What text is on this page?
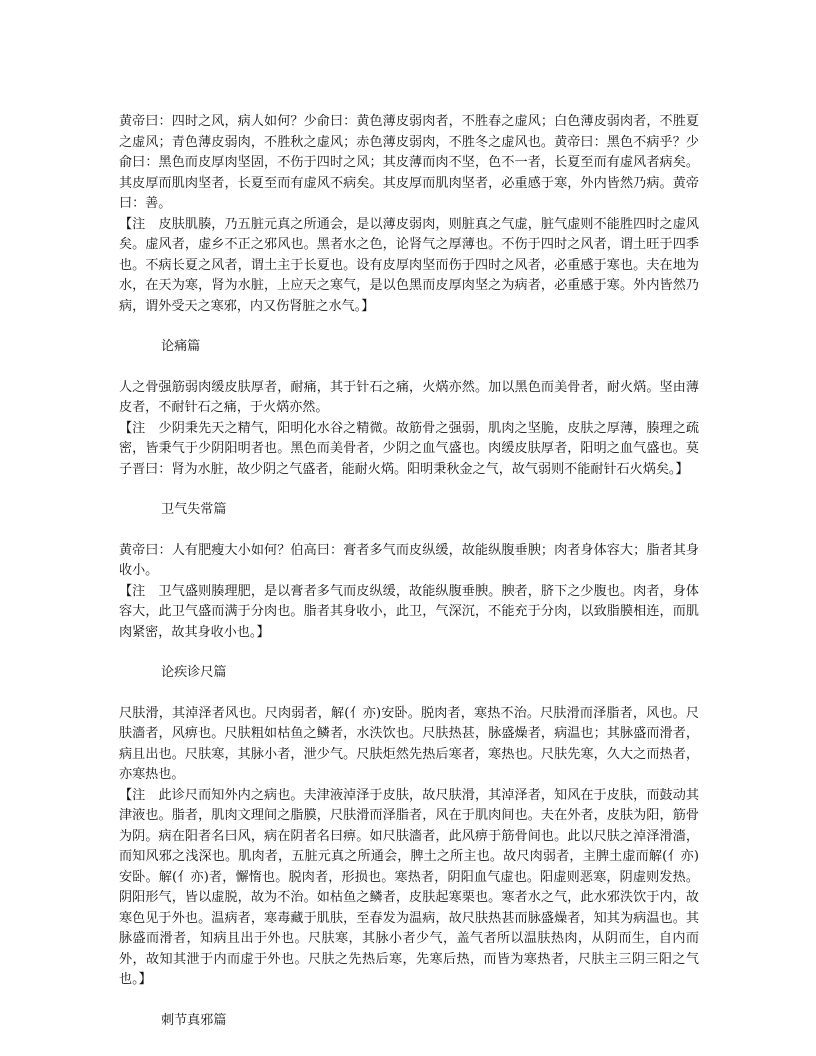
黄帝曰：四时之风，病人如何？少俞曰：黄色薄皮弱肉者，不胜春之虚风；白色薄皮弱肉者，不胜夏之虚风；青色薄皮弱肉，不胜秋之虚风；赤色薄皮弱肉，不胜冬之虚风也。黄帝曰：黑色不病乎？少俞曰：黑色而皮厚肉坚固，不伤于四时之风；其皮薄而肉不坚，色不一者，长夏至而有虚风者病矣。其皮厚而肌肉坚者，长夏至而有虚风不病矣。其皮厚而肌肉坚者，必重感于寒，外内皆然乃病。黄帝曰：善。

【注　皮肤肌腠，乃五脏元真之所通会，是以薄皮弱肉，则脏真之气虚，脏气虚则不能胜四时之虚风矣。虚风者，虚乡不正之邪风也。黑者水之色，论肾气之厚薄也。不伤于四时之风者，谓土旺于四季也。不病长夏之风者，谓土主于长夏也。设有皮厚肉坚而伤于四时之风者，必重感于寒也。夫在地为水，在天为寒，肾为水脏，上应天之寒气，是以色黑而皮厚肉坚之为病者，必重感于寒。外内皆然乃病，谓外受天之寒邪，内又伤肾脏之水气。】

论痛篇

人之骨强筋弱肉缓皮肤厚者，耐痛，其于针石之痛，火焫亦然。加以黑色而美骨者，耐火焫。坚由薄皮者，不耐针石之痛，于火焫亦然。

【注　少阴秉先天之精气，阳明化水谷之精微。故筋骨之强弱，肌肉之坚脆，皮肤之厚薄，腠理之疏密，皆秉气于少阴阳明者也。黑色而美骨者，少阴之血气盛也。肉缓皮肤厚者，阳明之血气盛也。莫子晋曰：肾为水脏，故少阴之气盛者，能耐火焫。阳明秉秋金之气，故气弱则不能耐针石火焫矣。】

卫气失常篇

黄帝曰：人有肥瘦大小如何？伯高曰：膏者多气而皮纵缓，故能纵腹垂腴；肉者身体容大；脂者其身收小。

【注　卫气盛则腠理肥，是以膏者多气而皮纵缓，故能纵腹垂腴。腴者，脐下之少腹也。肉者，身体容大，此卫气盛而满于分肉也。脂者其身收小，此卫，气深沉，不能充于分肉，以致脂膜相连，而肌肉紧密，故其身收小也。】

论疾诊尺篇

尺肤滑，其淖泽者风也。尺肉弱者，解(亻亦)安卧。脱肉者，寒热不治。尺肤滑而泽脂者，风也。尺肤濇者，风痹也。尺肤粗如枯鱼之鳞者，水泆饮也。尺肤热甚，脉盛燥者，病温也；其脉盛而滑者，病且出也。尺肤寒，其脉小者，泄少气。尺肤炬然先热后寒者，寒热也。尺肤先寒，久大之而热者，亦寒热也。

【注　此诊尺而知外内之病也。夫津液淖泽于皮肤，故尺肤滑，其淖泽者，知风在于皮肤，而鼓动其津液也。脂者，肌肉文理间之脂膜，尺肤滑而泽脂者，风在于肌肉间也。夫在外者，皮肤为阳，筋骨为阴。病在阳者名曰风，病在阴者名曰痹。如尺肤濇者，此风痹于筋骨间也。此以尺肤之淖泽滑濇，而知风邪之浅深也。肌肉者，五脏元真之所通会，脾土之所主也。故尺肉弱者，主脾土虚而解(亻亦)安卧。解(亻亦)者，懈惰也。脱肉者，形损也。寒热者，阴阳血气虚也。阳虚则恶寒，阴虚则发热。阴阳形气，皆以虚脱，故为不治。如枯鱼之鳞者，皮肤起寒栗也。寒者水之气，此水邪泆饮于内，故寒色见于外也。温病者，寒毒藏于肌肤，至春发为温病，故尺肤热甚而脉盛燥者，知其为病温也。其脉盛而滑者，知病且出于外也。尺肤寒，其脉小者少气，盖气者所以温肤热肉，从阴而生，自内而外，故知其泄于内而虚于外也。尺肤之先热后寒，先寒后热，而皆为寒热者，尺肤主三阴三阳之气也。】

刺节真邪篇
